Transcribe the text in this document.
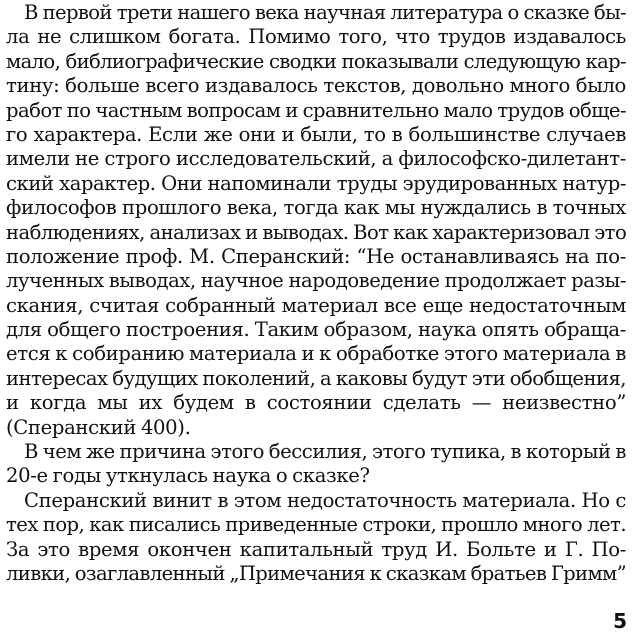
В первой трети нашего века научная литература о сказке бы-
ла не слишком богата. Помимо того, что трудов издавалось
мало, библиографические сводки показывали следующую кар-
тину: больше всего издавалось текстов, довольно много было
работ по частным вопросам и сравнительно мало трудов обще-
го характера. Если же они и были, то в большинстве случаев
имели не строго исследовательский, а философско-дилетант-
ский характер. Они напоминали труды эрудированных натур-
философов прошлого века, тогда как мы нуждались в точных
наблюдениях, анализах и выводах. Вот как характеризовал это
положение проф. М. Сперанский: “Не останавливаясь на по-
лученных выводах, научное народоведение продолжает разы-
скания, считая собранный материал все еще недостаточным
для общего построения. Таким образом, наука опять обраща-
ется к собиранию материала и к обработке этого материала в
интересах будущих поколений, а каковы будут эти обобщения,
и когда мы их будем в состоянии сделать — неизвестно”
(Сперанский 400).
В чем же причина этого бессилия, этого тупика, в который в
20-е годы уткнулась наука о сказке?
Сперанский винит в этом недостаточность материала. Но с
тех пор, как писались приведенные строки, прошло много лет.
За это время окончен капитальный труд И. Больте и Г. По-
ливки, озаглавленный „Примечания к сказкам братьев Гримм”
5
